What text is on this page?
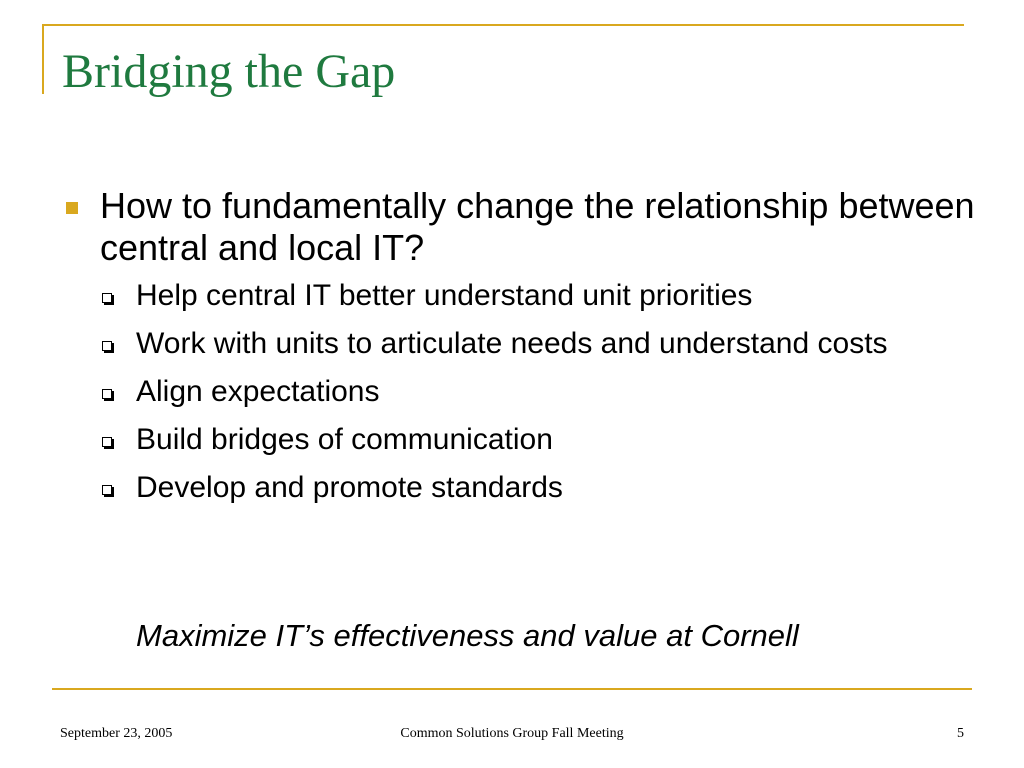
Bridging the Gap
How to fundamentally change the relationship between central and local IT?
Help central IT better understand unit priorities
Work with units to articulate needs and understand costs
Align expectations
Build bridges of communication
Develop and promote standards
Maximize IT’s effectiveness and value at Cornell
September 23, 2005	Common Solutions Group Fall Meeting	5
